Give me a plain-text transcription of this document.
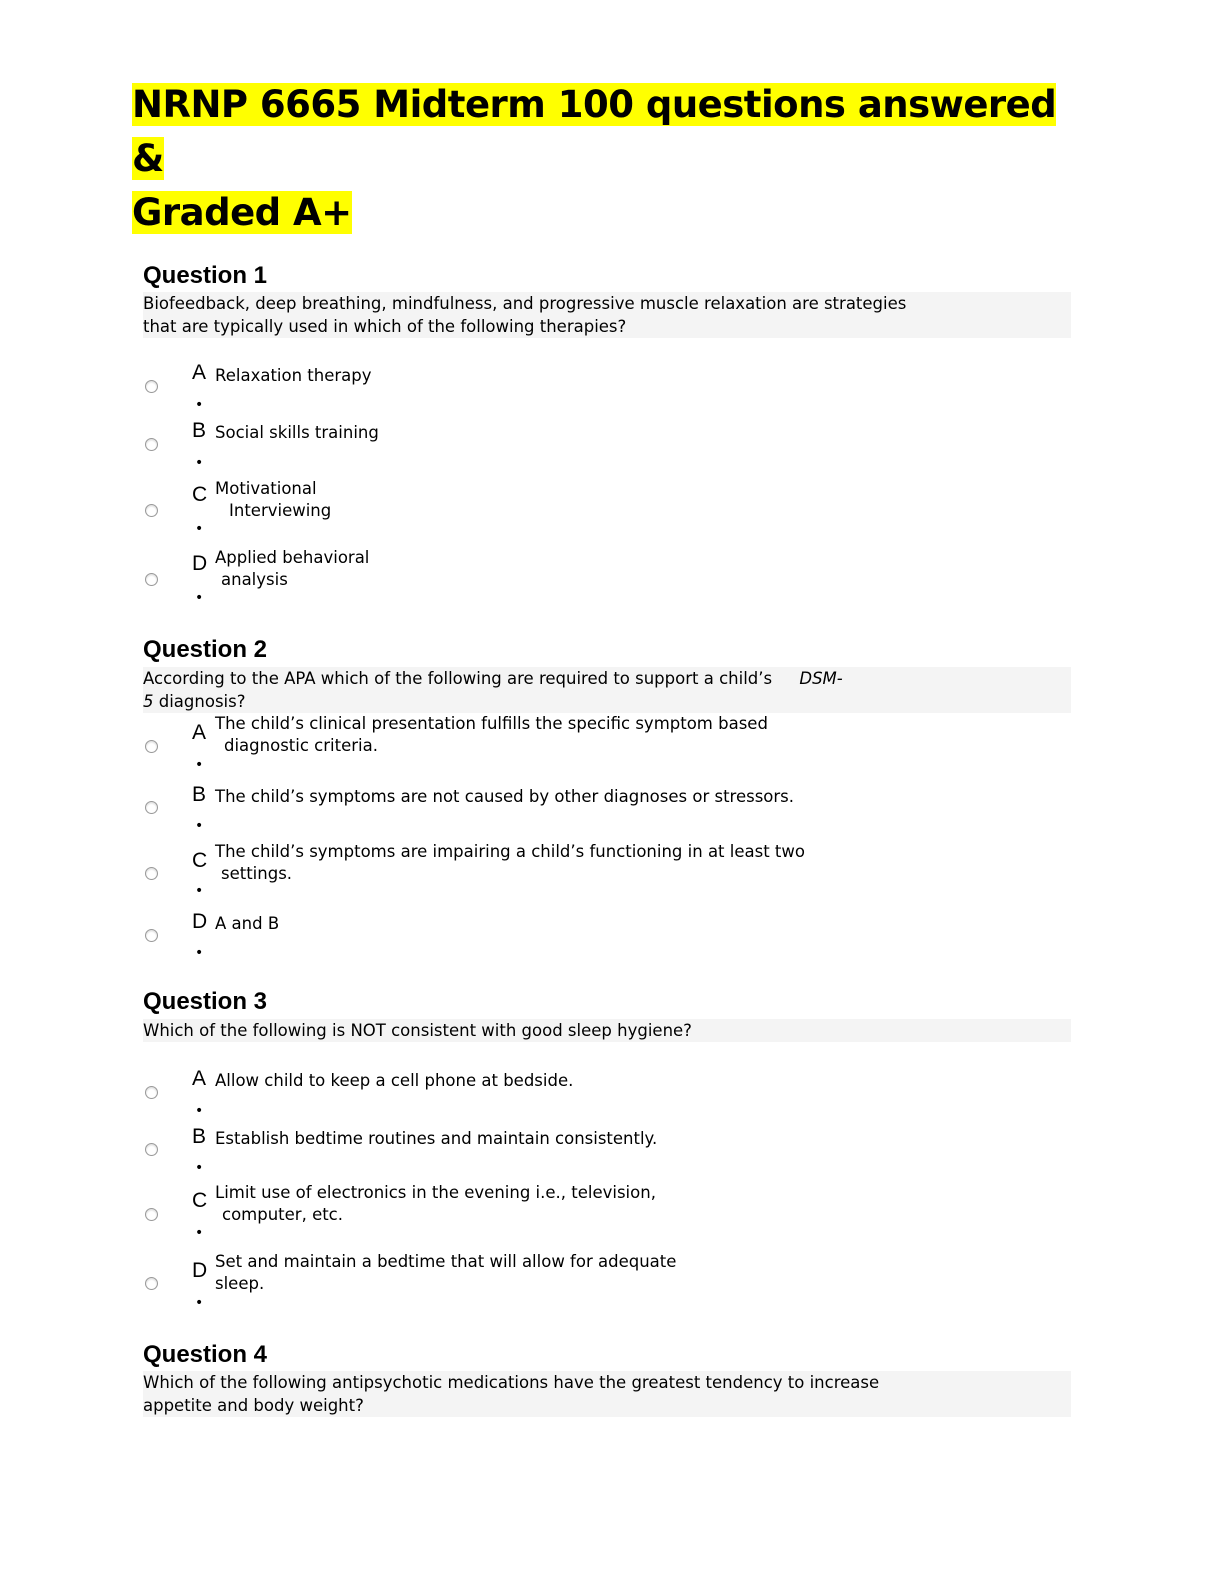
NRNP 6665 Midterm 100 questions answered &
Graded A+
Question 1
Biofeedback, deep breathing, mindfulness, and progressive muscle relaxation are strategies
that are typically used in which of the following therapies?
A
•
Relaxation therapy
B
•
Social skills training
C
•
Motivational
Interviewing
D
•
Applied behavioral
analysis
Question 2
According to the APA which of the following are required to support a child’s DSM-
5 diagnosis?
A
•
The child’s clinical presentation fulfills the specific symptom based
diagnostic criteria.
B
•
The child’s symptoms are not caused by other diagnoses or stressors.
C
•
The child’s symptoms are impairing a child’s functioning in at least two
settings.
D
•
A and B
Question 3
Which of the following is NOT consistent with good sleep hygiene?
A
•
Allow child to keep a cell phone at bedside.
B
•
Establish bedtime routines and maintain consistently.
C
•
Limit use of electronics in the evening i.e., television,
computer, etc.
D
•
Set and maintain a bedtime that will allow for adequate
sleep.
Question 4
Which of the following antipsychotic medications have the greatest tendency to increase
appetite and body weight?
